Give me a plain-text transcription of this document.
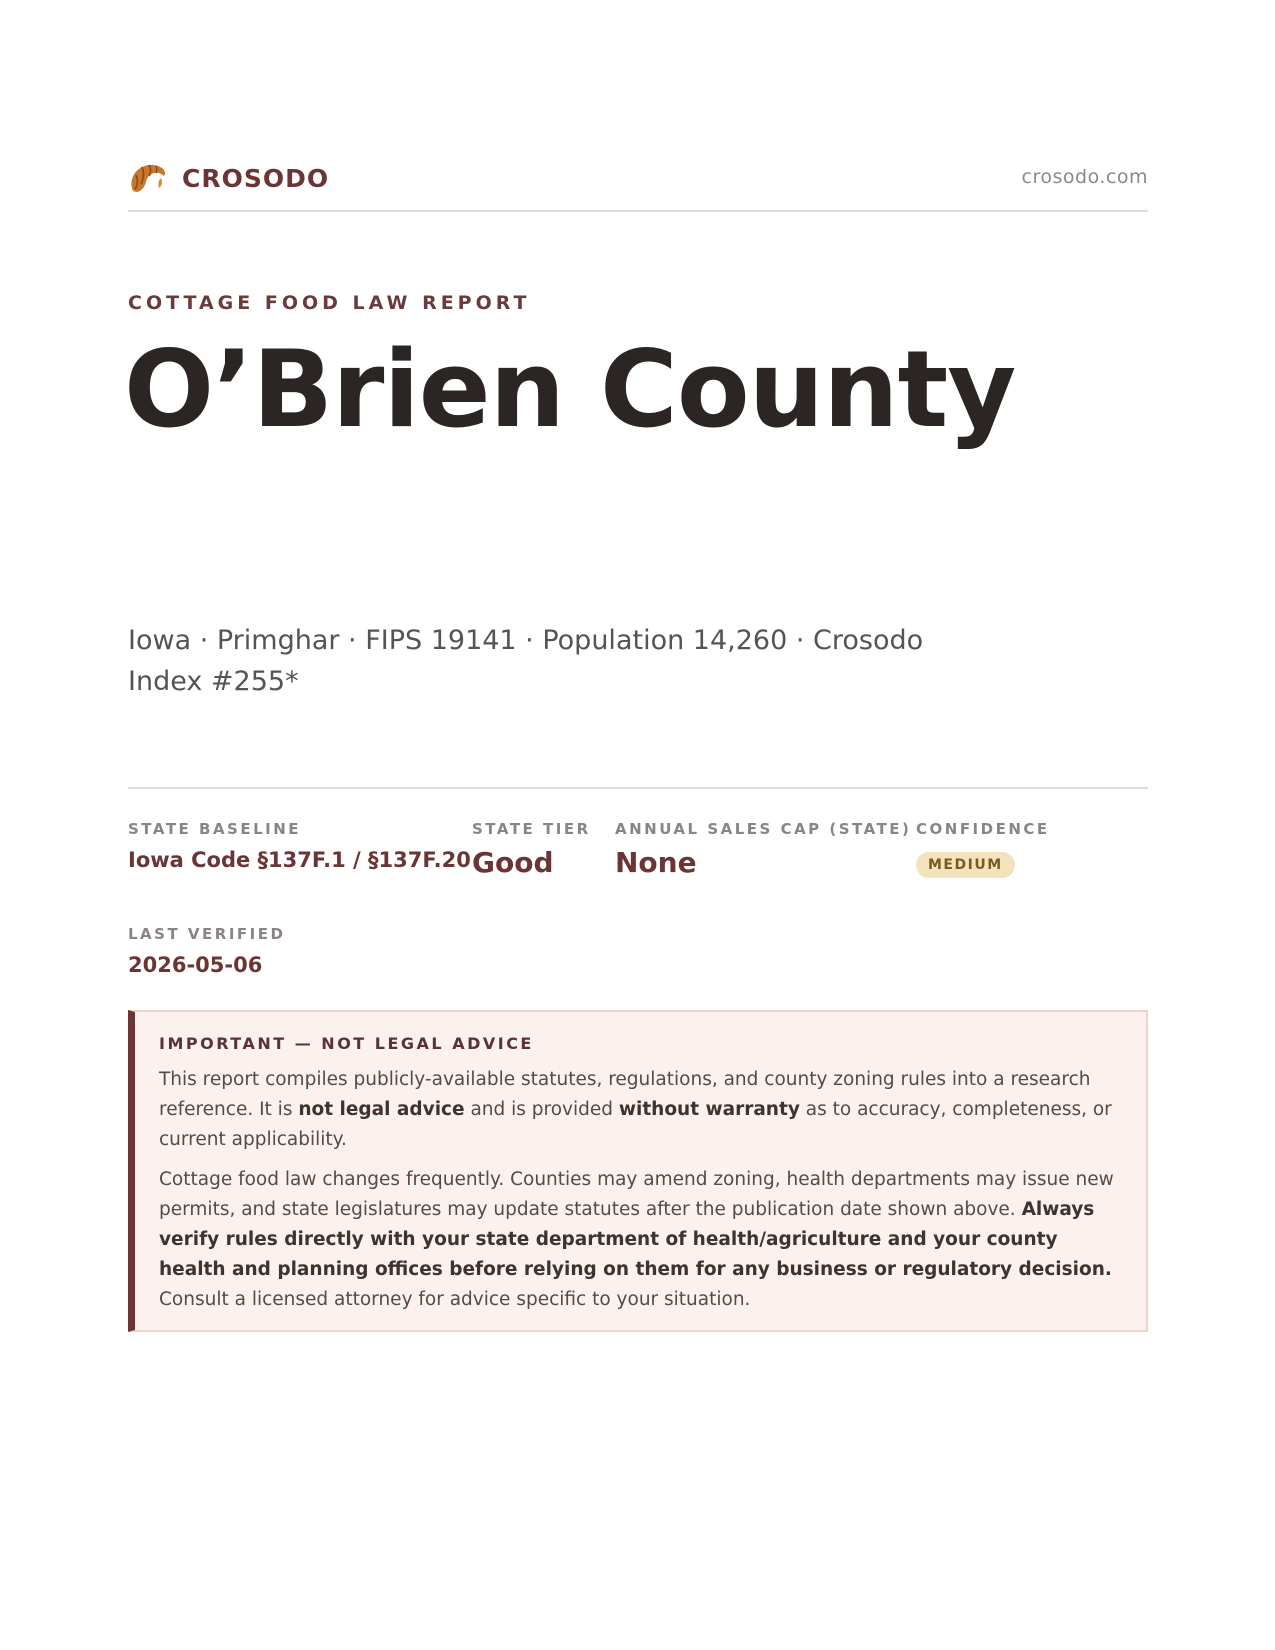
CROSODO	crosodo.com
COTTAGE FOOD LAW REPORT
O’Brien County
Iowa · Primghar · FIPS 19141 · Population 14,260 · Crosodo Index #255*
STATE BASELINE
Iowa Code §137F.1 / §137F.20
STATE TIER
Good
ANNUAL SALES CAP (STATE)
None
CONFIDENCE
MEDIUM
LAST VERIFIED
2026-05-06
IMPORTANT — NOT LEGAL ADVICE

This report compiles publicly-available statutes, regulations, and county zoning rules into a research reference. It is not legal advice and is provided without warranty as to accuracy, completeness, or current applicability.

Cottage food law changes frequently. Counties may amend zoning, health departments may issue new permits, and state legislatures may update statutes after the publication date shown above. Always verify rules directly with your state department of health/agriculture and your county health and planning offices before relying on them for any business or regulatory decision. Consult a licensed attorney for advice specific to your situation.
